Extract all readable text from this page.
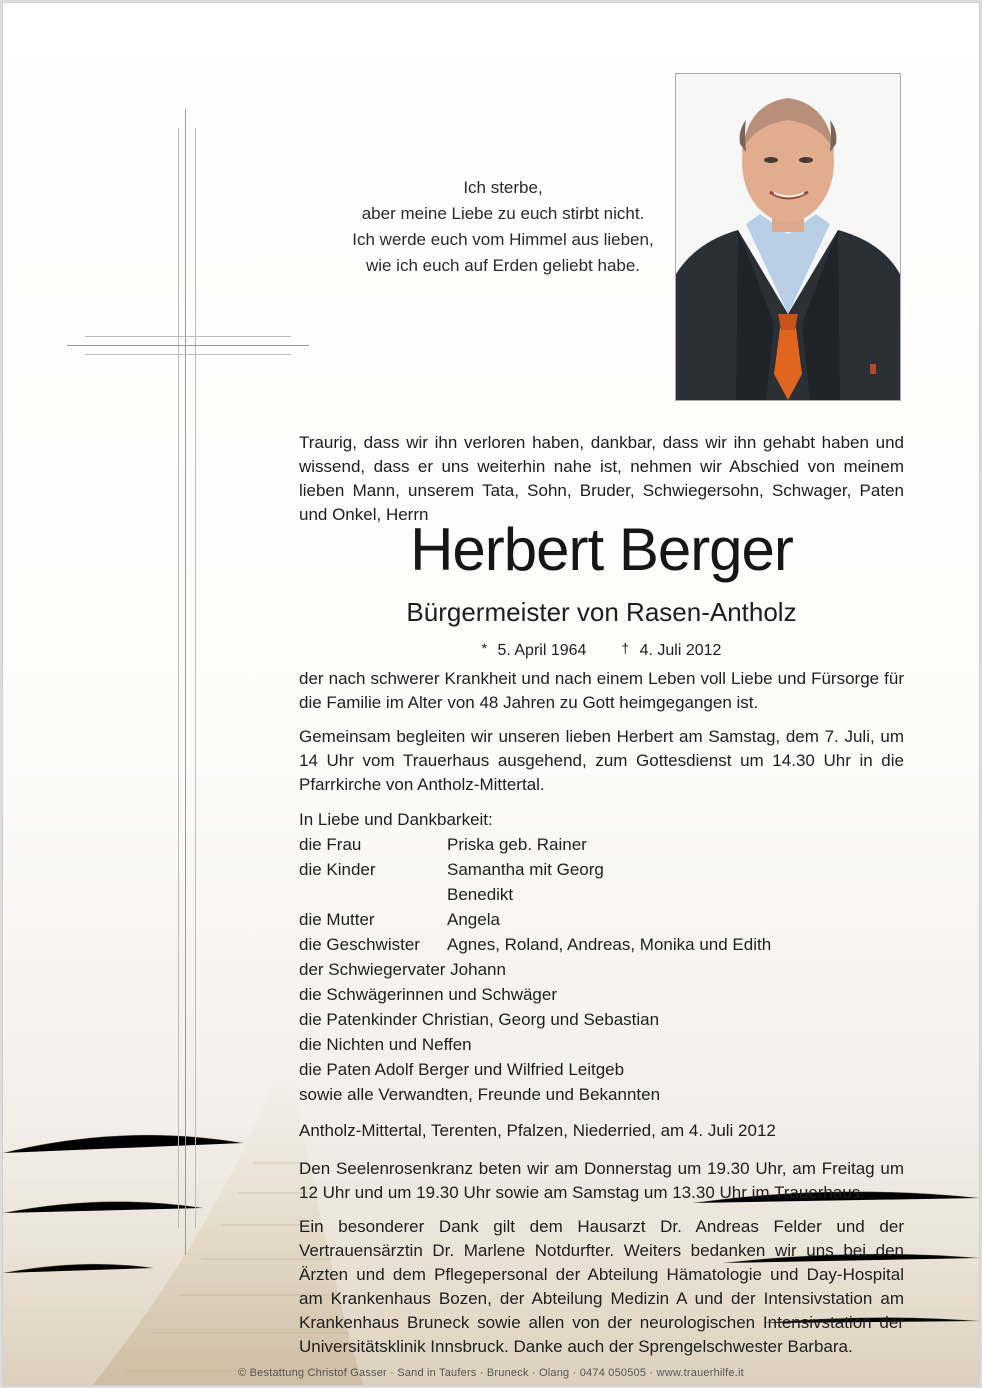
Ich sterbe,
aber meine Liebe zu euch stirbt nicht.
Ich werde euch vom Himmel aus lieben,
wie ich euch auf Erden geliebt habe.
Traurig, dass wir ihn verloren haben, dankbar, dass wir ihn gehabt haben und wissend, dass er uns weiterhin nahe ist, nehmen wir Abschied von meinem lieben Mann, unserem Tata, Sohn, Bruder, Schwiegersohn, Schwager, Paten und Onkel, Herrn
Herbert Berger
Bürgermeister von Rasen-Antholz
* 5. April 1964 † 4. Juli 2012
der nach schwerer Krankheit und nach einem Leben voll Liebe und Fürsorge für die Familie im Alter von 48 Jahren zu Gott heimgegangen ist.
Gemeinsam begleiten wir unseren lieben Herbert am Samstag, dem 7. Juli, um 14 Uhr vom Trauerhaus ausgehend, zum Gottesdienst um 14.30 Uhr in die Pfarrkirche von Antholz-Mittertal.
In Liebe und Dankbarkeit:
die Frau	Priska geb. Rainer
die Kinder	Samantha mit Georg
Benedikt
die Mutter	Angela
die Geschwister Agnes, Roland, Andreas, Monika und Edith
der Schwiegervater Johann
die Schwägerinnen und Schwäger
die Patenkinder Christian, Georg und Sebastian
die Nichten und Neffen
die Paten Adolf Berger und Wilfried Leitgeb
sowie alle Verwandten, Freunde und Bekannten
Antholz-Mittertal, Terenten, Pfalzen, Niederried, am 4. Juli 2012
Den Seelenrosenkranz beten wir am Donnerstag um 19.30 Uhr, am Freitag um 12 Uhr und um 19.30 Uhr sowie am Samstag um 13.30 Uhr im Trauerhaus.
Ein besonderer Dank gilt dem Hausarzt Dr. Andreas Felder und der Vertrauensärztin Dr. Marlene Notdurfter. Weiters bedanken wir uns bei den Ärzten und dem Pflegepersonal der Abteilung Hämatologie und Day-Hospital am Krankenhaus Bozen, der Abteilung Medizin A und der Intensivstation am Krankenhaus Bruneck sowie allen von der neurologischen Intensivstation der Universitätsklinik Innsbruck. Danke auch der Sprengelschwester Barbara.
© Bestattung Christof Gasser · Sand in Taufers · Bruneck · Olang · 0474 050505 · www.trauerhilfe.it
